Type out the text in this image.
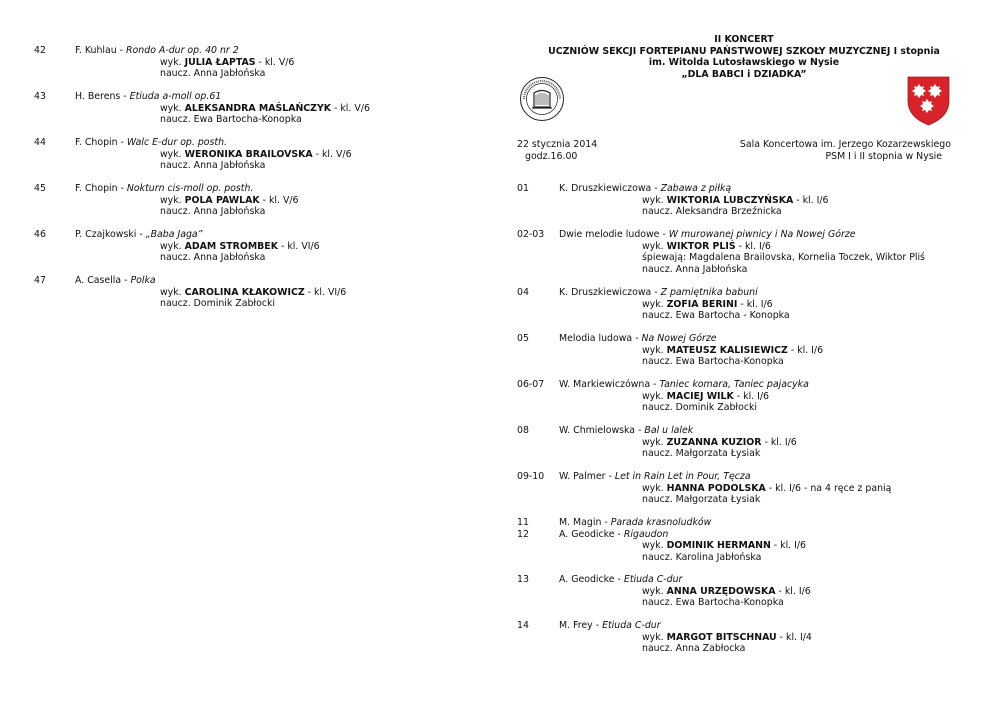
42	F. Kuhlau - Rondo A-dur op. 40 nr 2
wyk. JULIA ŁAPTAS - kl. V/6
naucz. Anna Jabłońska
43	H. Berens - Etiuda a-moll op.61
wyk. ALEKSANDRA MAŚLAŃCZYK - kl. V/6
naucz. Ewa Bartocha-Konopka
44	F. Chopin - Walc E-dur op. posth.
wyk. WERONIKA BRAILOVSKA - kl. V/6
naucz. Anna Jabłońska
45	F. Chopin - Nokturn cis-moll op. posth.
wyk. POLA PAWLAK - kl. V/6
naucz. Anna Jabłońska
46	P. Czajkowski - „Baba Jaga”
wyk. ADAM STROMBEK - kl. VI/6
naucz. Anna Jabłońska
47	A. Casella - Polka
wyk. CAROLINA KŁAKOWICZ - kl. VI/6
naucz. Dominik Zabłocki
II KONCERT
UCZNIÓW SEKCJI FORTEPIANU PAŃSTWOWEJ SZKOŁY MUZYCZNEJ I stopnia
im. Witolda Lutosławskiego w Nysie
„DLA BABCI i DZIADKA”
22 stycznia 2014
godz.16.00
Sala Koncertowa im. Jerzego Kozarzewskiego
PSM I i II stopnia w Nysie
01	K. Druszkiewiczowa - Zabawa z piłką
wyk. WIKTORIA LUBCZYŃSKA - kl. I/6
naucz. Aleksandra Brzeźnicka
02-03 Dwie melodie ludowe - W murowanej piwnicy i Na Nowej Górze
wyk. WIKTOR PLIŚ - kl. I/6
śpiewają: Magdalena Brailovska, Kornelia Toczek, Wiktor Pliś
naucz. Anna Jabłońska
04	K. Druszkiewiczowa - Z pamiętnika babuni
wyk. ZOFIA BERINI - kl. I/6
naucz. Ewa Bartocha - Konopka
05	Melodia ludowa - Na Nowej Górze
wyk. MATEUSZ KALISIEWICZ - kl. I/6
naucz. Ewa Bartocha-Konopka
06-07 W. Markiewiczówna - Taniec komara, Taniec pajacyka
wyk. MACIEJ WILK - kl. I/6
naucz. Dominik Zabłocki
08	W. Chmielowska - Bal u lalek
wyk. ZUZANNA KUZIOR - kl. I/6
naucz. Małgorzata Łysiak
09-10 W. Palmer - Let in Rain Let in Pour, Tęcza
wyk. HANNA PODOLSKA - kl. I/6 - na 4 ręce z panią
naucz. Małgorzata Łysiak
11	M. Magin - Parada krasnoludków
12	A. Geodicke - Rigaudon
wyk. DOMINIK HERMANN - kl. I/6
naucz. Karolina Jabłońska
13	A. Geodicke - Etiuda C-dur
wyk. ANNA URZĘDOWSKA - kl. I/6
naucz. Ewa Bartocha-Konopka
14	M. Frey - Etiuda C-dur
wyk. MARGOT BITSCHNAU - kl. I/4
naucz. Anna Zabłocka
